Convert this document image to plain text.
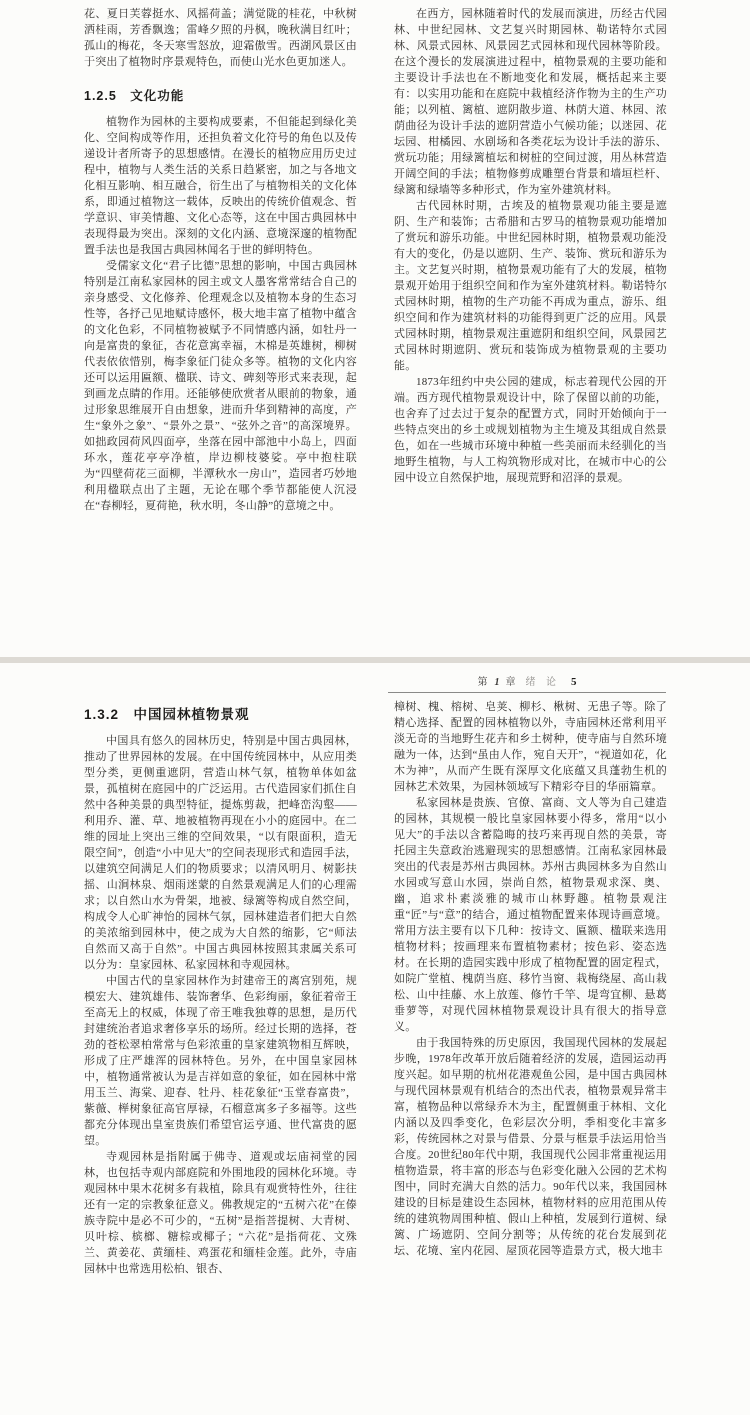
花、夏日芙蓉挺水、风摇荷盖；满觉陇的桂花，中秋树洒桂雨，芳香飘逸；雷峰夕照的丹枫，晚秋满目红叶；孤山的梅花，冬天寒雪怒放，迎霜傲雪。西湖风景区由于突出了植物时序景观特色，而使山光水色更加迷人。

1.2.5　文化功能

植物作为园林的主要构成要素，不但能起到绿化美化、空间构成等作用，还担负着文化符号的角色以及传递设计者所寄予的思想感情。在漫长的植物应用历史过程中，植物与人类生活的关系日趋紧密，加之与各地文化相互影响、相互融合，衍生出了与植物相关的文化体系，即通过植物这一载体，反映出的传统价值观念、哲学意识、审美情趣、文化心态等，这在中国古典园林中表现得最为突出。深刻的文化内涵、意境深邃的植物配置手法也是我国古典园林闻名于世的鲜明特色。

受儒家文化“君子比德”思想的影响，中国古典园林特别是江南私家园林的园主或文人墨客常常结合自己的亲身感受、文化修养、伦理观念以及植物本身的生态习性等，各抒己见地赋诗感怀，极大地丰富了植物中蕴含的文化色彩，不同植物被赋予不同情感内涵，如牡丹一向是富贵的象征，杏花意寓幸福，木棉是英雄树，柳树代表依依惜别，梅李象征门徒众多等。植物的文化内容还可以运用匾额、楹联、诗文、碑刻等形式来表现，起到画龙点睛的作用。还能够使欣赏者从眼前的物象，通过形象思维展开自由想象，进而升华到精神的高度，产生“象外之象”、“景外之景”、“弦外之音”的高深境界。如拙政园荷风四面亭，坐落在园中部池中小岛上，四面环水，莲花亭亭净植，岸边柳枝婆娑。亭中抱柱联为“四壁荷花三面柳，半潭秋水一房山”，造园者巧妙地利用楹联点出了主题，无论在哪个季节都能使人沉浸在“春柳轻，夏荷艳，秋水明，冬山静”的意境之中。

在西方，园林随着时代的发展而演进，历经古代园林、中世纪园林、文艺复兴时期园林、勒诺特尔式园林、风景式园林、风景园艺式园林和现代园林等阶段。在这个漫长的发展演进过程中，植物景观的主要功能和主要设计手法也在不断地变化和发展，概括起来主要有：以实用功能和在庭院中栽植经济作物为主的生产功能；以列植、篱植、遮阴散步道、林荫大道、林园、浓荫曲径为设计手法的遮阴营造小气候功能；以迷园、花坛园、柑橘园、水剧场和各类花坛为设计手法的游乐、赏玩功能；用绿篱植坛和树桩的空间过渡，用丛林营造开阔空间的手法；植物修剪成雕塑台背景和墙垣栏杆、绿篱和绿墙等多种形式，作为室外建筑材料。

古代园林时期，古埃及的植物景观功能主要是遮阴、生产和装饰；古希腊和古罗马的植物景观功能增加了赏玩和游乐功能。中世纪园林时期，植物景观功能没有大的变化，仍是以遮阴、生产、装饰、赏玩和游乐为主。文艺复兴时期，植物景观功能有了大的发展，植物景观开始用于组织空间和作为室外建筑材料。勒诺特尔式园林时期，植物的生产功能不再成为重点，游乐、组织空间和作为建筑材料的功能得到更广泛的应用。风景式园林时期，植物景观注重遮阴和组织空间，风景园艺式园林时期遮阴、赏玩和装饰成为植物景观的主要功能。

1873年纽约中央公园的建成，标志着现代公园的开端。西方现代植物景观设计中，除了保留以前的功能，也舍弃了过去过于复杂的配置方式，同时开始倾向于一些特点突出的乡土或规划植物为主生境及其组成自然景色，如在一些城市环境中种植一些美丽而未经驯化的当地野生植物，与人工构筑物形成对比，在城市中心的公园中设立自然保护地，展现荒野和沼泽的景观。

第 1 章 绪 论 5
1.3.2　中国园林植物景观

中国具有悠久的园林历史，特别是中国古典园林，推动了世界园林的发展。在中国传统园林中，从应用类型分类，更侧重遮阴，营造山林气氛，植物单体如盆景，孤植树在庭园中的广泛运用。古代造园家们抓住自然中各种美景的典型特征，提炼剪裁，把峰峦沟壑——利用乔、灌、草、地被植物再现在小小的庭园中。在二维的园址上突出三维的空间效果，“以有限面积，造无限空间”，创造“小中见大”的空间表现形式和造园手法，以建筑空间满足人们的物质要求；以清风明月、树影扶摇、山涧林泉、烟雨迷蒙的自然景观满足人们的心理需求；以自然山水为骨架，地被、绿篱等构成自然空间，构成令人心旷神怡的园林气氛，园林建造者们把大自然的美浓缩到园林中，使之成为大自然的缩影，它“师法自然而又高于自然”。中国古典园林按照其隶属关系可以分为：皇家园林、私家园林和寺观园林。

中国古代的皇家园林作为封建帝王的离宫别苑，规模宏大、建筑雄伟、装饰奢华、色彩绚丽，象征着帝王至高无上的权威，体现了帝王唯我独尊的思想，是历代封建统治者追求奢侈享乐的场所。经过长期的选择，苍劲的苍松翠柏常常与色彩浓重的皇家建筑物相互辉映，形成了庄严雄浑的园林特色。另外，在中国皇家园林中，植物通常被认为是吉祥如意的象征，如在园林中常用玉兰、海棠、迎春、牡丹、桂花象征“玉堂春富贵”，紫薇、榉树象征高官厚禄，石榴意寓多子多福等。这些都充分体现出皇室贵族们希望官运亨通、世代富贵的愿望。

寺观园林是指附属于佛寺、道观或坛庙祠堂的园林，也包括寺观内部庭院和外围地段的园林化环境。寺观园林中果木花树多有栽植，除具有观赏特性外，往往还有一定的宗教象征意义。佛教规定的“五树六花”在傣族寺院中是必不可少的，“五树”是指菩提树、大青树、贝叶棕、槟榔、糖棕或椰子；“六花”是指荷花、文殊兰、黄姜花、黄缅桂、鸡蛋花和缅桂金莲。此外，寺庙园林中也常选用松柏、银杏、

樟树、槐、榕树、皂荚、柳杉、楸树、无患子等。除了精心选择、配置的园林植物以外，寺庙园林还常利用平淡无奇的当地野生花卉和乡土树种，使寺庙与自然环境融为一体，达到“虽由人作，宛自天开”，“视道如花，化木为神”，从而产生既有深厚文化底蕴又具蓬勃生机的园林艺术效果，为园林领域写下精彩夺目的华丽篇章。

私家园林是贵族、官僚、富商、文人等为自己建造的园林，其规模一般比皇家园林要小得多，常用“以小见大”的手法以含蓄隐晦的技巧来再现自然的美景，寄托园主失意政治逃避现实的思想感情。江南私家园林最突出的代表是苏州古典园林。苏州古典园林多为自然山水园或写意山水园，崇尚自然，植物景观求深、奥、幽，追求朴素淡雅的城市山林野趣。植物景观注重“匠”与“意”的结合，通过植物配置来体现诗画意境。常用方法主要有以下几种：按诗文、匾额、楹联来选用植物材料；按画理来布置植物素材；按色彩、姿态选材。在长期的造园实践中形成了植物配置的固定程式，如院广堂植、槐荫当庭、移竹当窗、栽梅绕屋、高山栽松、山中挂藤、水上放莲、修竹千竿、堤弯宜柳、悬葛垂萝等，对现代园林植物景观设计具有很大的指导意义。

由于我国特殊的历史原因，我国现代园林的发展起步晚，1978年改革开放后随着经济的发展，造园运动再度兴起。如早期的杭州花港观鱼公园，是中国古典园林与现代园林景观有机结合的杰出代表，植物景观异常丰富，植物品种以常绿乔木为主，配置侧重于林相、文化内涵以及四季变化，色彩层次分明，季相变化丰富多彩，传统园林之对景与借景、分景与框景手法运用恰当合度。20世纪80年代中期，我国现代公园非常重视运用植物造景，将丰富的形态与色彩变化融入公园的艺术构图中，同时充满大自然的活力。90年代以来，我国园林建设的目标是建设生态园林，植物材料的应用范围从传统的建筑物周围种植、假山上种植，发展到行道树、绿篱、广场遮阴、空间分割等；从传统的花台发展到花坛、花境、室内花园、屋顶花园等造景方式，极大地丰
